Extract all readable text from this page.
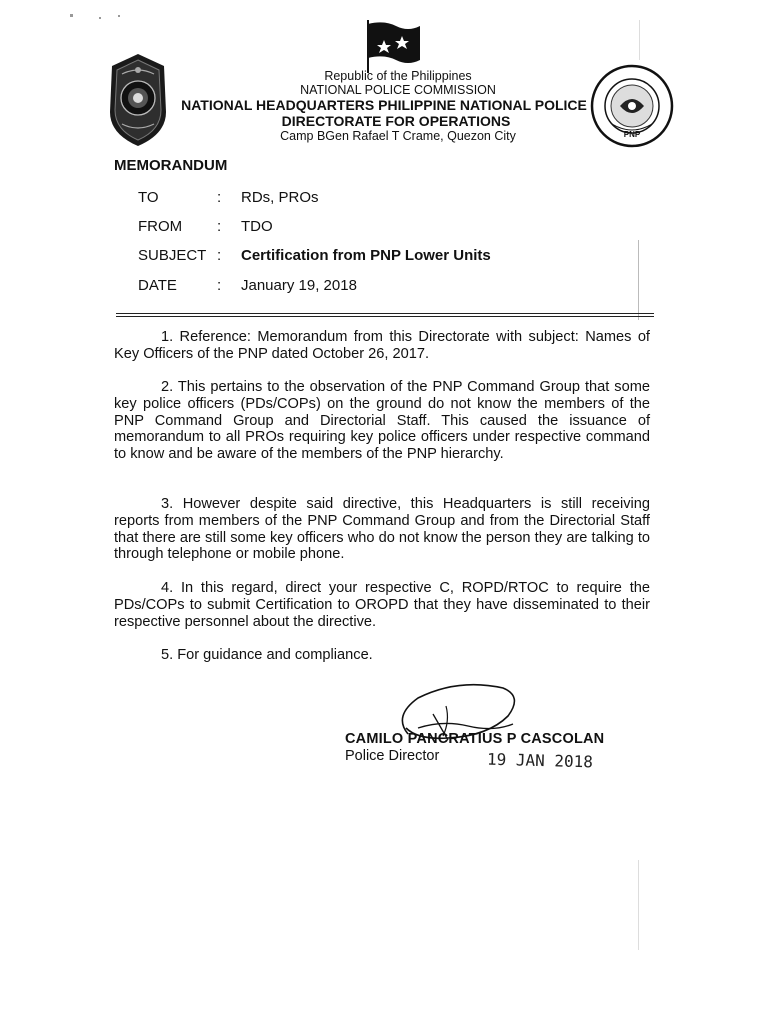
PNP
Republic of the Philippines
NATIONAL POLICE COMMISSION
NATIONAL HEADQUARTERS PHILIPPINE NATIONAL POLICE
DIRECTORATE FOR OPERATIONS
Camp BGen Rafael T Crame, Quezon City
MEMORANDUM
TO	: RDs, PROs
FROM : TDO
SUBJECT : Certification from PNP Lower Units
DATE	: January 19, 2018
1. Reference: Memorandum from this Directorate with subject: Names of Key Officers of the PNP dated October 26, 2017.
2. This pertains to the observation of the PNP Command Group that some key police officers (PDs/COPs) on the ground do not know the members of the PNP Command Group and Directorial Staff. This caused the issuance of memorandum to all PROs requiring key police officers under respective command to know and be aware of the members of the PNP hierarchy.
3. However despite said directive, this Headquarters is still receiving reports from members of the PNP Command Group and from the Directorial Staff that there are still some key officers who do not know the person they are talking to through telephone or mobile phone.
4. In this regard, direct your respective C, ROPD/RTOC to require the PDs/COPs to submit Certification to OROPD that they have disseminated to their respective personnel about the directive.
5. For guidance and compliance.
CAMILO PANCRATIUS P CASCOLAN
Police Director	19 JAN 2018
